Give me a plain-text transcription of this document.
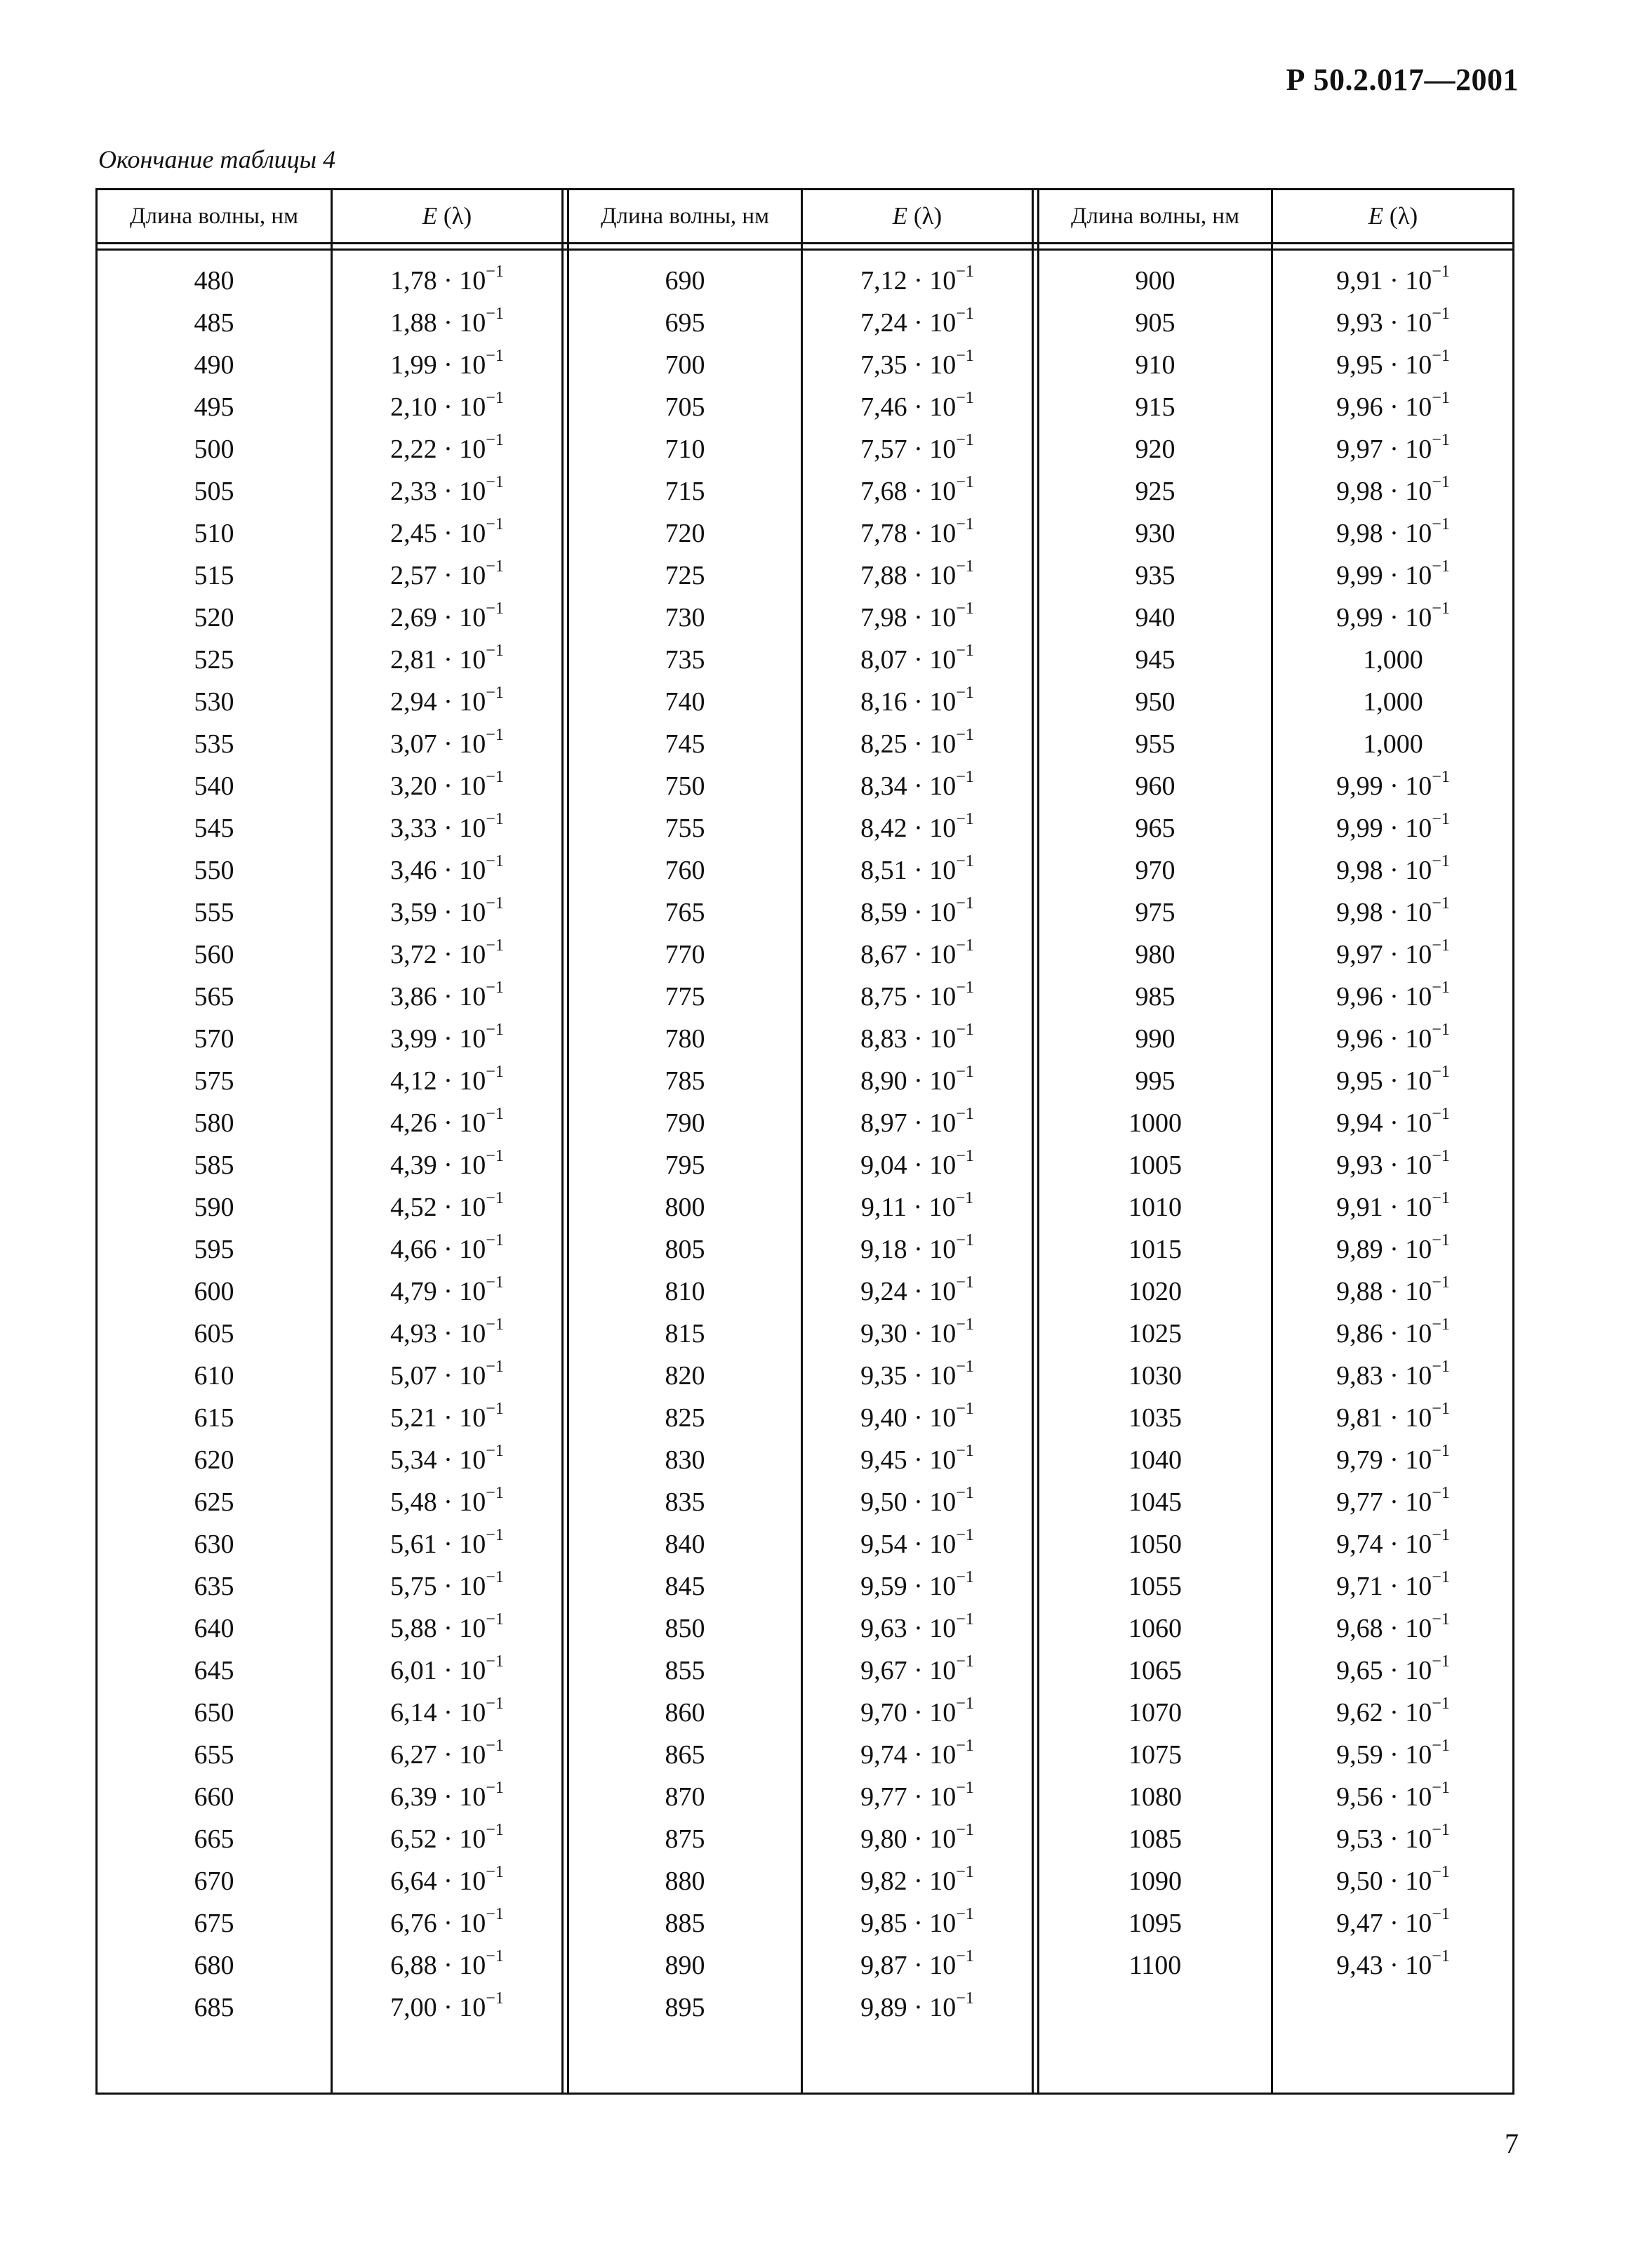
Р 50.2.017—2001
Окончание таблицы 4
Длина волны, нм	E (λ)	Длина волны, нм	E (λ)	Длина волны, нм	E (λ)
480	$1,78 \cdot 10^{-1}$	690	$7,12 \cdot 10^{-1}$	900	$9,91 \cdot 10^{-1}$
485	$1,88 \cdot 10^{-1}$	695	$7,24 \cdot 10^{-1}$	905	$9,93 \cdot 10^{-1}$
490	$1,99 \cdot 10^{-1}$	700	$7,35 \cdot 10^{-1}$	910	$9,95 \cdot 10^{-1}$
495	$2,10 \cdot 10^{-1}$	705	$7,46 \cdot 10^{-1}$	915	$9,96 \cdot 10^{-1}$
500	$2,22 \cdot 10^{-1}$	710	$7,57 \cdot 10^{-1}$	920	$9,97 \cdot 10^{-1}$
505	$2,33 \cdot 10^{-1}$	715	$7,68 \cdot 10^{-1}$	925	$9,98 \cdot 10^{-1}$
510	$2,45 \cdot 10^{-1}$	720	$7,78 \cdot 10^{-1}$	930	$9,98 \cdot 10^{-1}$
515	$2,57 \cdot 10^{-1}$	725	$7,88 \cdot 10^{-1}$	935	$9,99 \cdot 10^{-1}$
520	$2,69 \cdot 10^{-1}$	730	$7,98 \cdot 10^{-1}$	940	$9,99 \cdot 10^{-1}$
525	$2,81 \cdot 10^{-1}$	735	$8,07 \cdot 10^{-1}$	945	1,000
530	$2,94 \cdot 10^{-1}$	740	$8,16 \cdot 10^{-1}$	950	1,000
535	$3,07 \cdot 10^{-1}$	745	$8,25 \cdot 10^{-1}$	955	1,000
540	$3,20 \cdot 10^{-1}$	750	$8,34 \cdot 10^{-1}$	960	$9,99 \cdot 10^{-1}$
545	$3,33 \cdot 10^{-1}$	755	$8,42 \cdot 10^{-1}$	965	$9,99 \cdot 10^{-1}$
550	$3,46 \cdot 10^{-1}$	760	$8,51 \cdot 10^{-1}$	970	$9,98 \cdot 10^{-1}$
555	$3,59 \cdot 10^{-1}$	765	$8,59 \cdot 10^{-1}$	975	$9,98 \cdot 10^{-1}$
560	$3,72 \cdot 10^{-1}$	770	$8,67 \cdot 10^{-1}$	980	$9,97 \cdot 10^{-1}$
565	$3,86 \cdot 10^{-1}$	775	$8,75 \cdot 10^{-1}$	985	$9,96 \cdot 10^{-1}$
570	$3,99 \cdot 10^{-1}$	780	$8,83 \cdot 10^{-1}$	990	$9,96 \cdot 10^{-1}$
575	$4,12 \cdot 10^{-1}$	785	$8,90 \cdot 10^{-1}$	995	$9,95 \cdot 10^{-1}$
580	$4,26 \cdot 10^{-1}$	790	$8,97 \cdot 10^{-1}$	1000	$9,94 \cdot 10^{-1}$
585	$4,39 \cdot 10^{-1}$	795	$9,04 \cdot 10^{-1}$	1005	$9,93 \cdot 10^{-1}$
590	$4,52 \cdot 10^{-1}$	800	$9,11 \cdot 10^{-1}$	1010	$9,91 \cdot 10^{-1}$
595	$4,66 \cdot 10^{-1}$	805	$9,18 \cdot 10^{-1}$	1015	$9,89 \cdot 10^{-1}$
600	$4,79 \cdot 10^{-1}$	810	$9,24 \cdot 10^{-1}$	1020	$9,88 \cdot 10^{-1}$
605	$4,93 \cdot 10^{-1}$	815	$9,30 \cdot 10^{-1}$	1025	$9,86 \cdot 10^{-1}$
610	$5,07 \cdot 10^{-1}$	820	$9,35 \cdot 10^{-1}$	1030	$9,83 \cdot 10^{-1}$
615	$5,21 \cdot 10^{-1}$	825	$9,40 \cdot 10^{-1}$	1035	$9,81 \cdot 10^{-1}$
620	$5,34 \cdot 10^{-1}$	830	$9,45 \cdot 10^{-1}$	1040	$9,79 \cdot 10^{-1}$
625	$5,48 \cdot 10^{-1}$	835	$9,50 \cdot 10^{-1}$	1045	$9,77 \cdot 10^{-1}$
630	$5,61 \cdot 10^{-1}$	840	$9,54 \cdot 10^{-1}$	1050	$9,74 \cdot 10^{-1}$
635	$5,75 \cdot 10^{-1}$	845	$9,59 \cdot 10^{-1}$	1055	$9,71 \cdot 10^{-1}$
640	$5,88 \cdot 10^{-1}$	850	$9,63 \cdot 10^{-1}$	1060	$9,68 \cdot 10^{-1}$
645	$6,01 \cdot 10^{-1}$	855	$9,67 \cdot 10^{-1}$	1065	$9,65 \cdot 10^{-1}$
650	$6,14 \cdot 10^{-1}$	860	$9,70 \cdot 10^{-1}$	1070	$9,62 \cdot 10^{-1}$
655	$6,27 \cdot 10^{-1}$	865	$9,74 \cdot 10^{-1}$	1075	$9,59 \cdot 10^{-1}$
660	$6,39 \cdot 10^{-1}$	870	$9,77 \cdot 10^{-1}$	1080	$9,56 \cdot 10^{-1}$
665	$6,52 \cdot 10^{-1}$	875	$9,80 \cdot 10^{-1}$	1085	$9,53 \cdot 10^{-1}$
670	$6,64 \cdot 10^{-1}$	880	$9,82 \cdot 10^{-1}$	1090	$9,50 \cdot 10^{-1}$
675	$6,76 \cdot 10^{-1}$	885	$9,85 \cdot 10^{-1}$	1095	$9,47 \cdot 10^{-1}$
680	$6,88 \cdot 10^{-1}$	890	$9,87 \cdot 10^{-1}$	1100	$9,43 \cdot 10^{-1}$
685	$7,00 \cdot 10^{-1}$	895	$9,89 \cdot 10^{-1}$
7
